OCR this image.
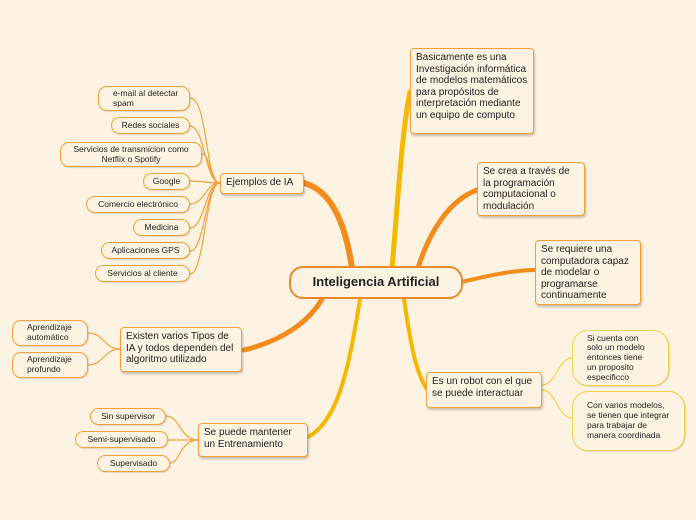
Inteligencia Artificial
Basicamente es una Investigación informática de modelos matemáticos para propósitos de interpretación mediante un equipo de computo
Se crea a través de la programación computacional o modulación
Se requiere una computadora capaz de modelar o programarse continuamente
Es un robot con el que se puede interactuar
Si cuenta con solo un modelo entonces tiene un proposito especificco
Con varios modelos, se tienen que integrar para trabajar de manera coordinada
Ejemplos de IA
e-mail al detectar spam
Redes sociales
Servicios de transmicion como Netflix o Spotify
Google
Comercio electrónico
Medicina
Aplicaciones GPS
Servicios al cliente
Existen varios Tipos de IA y todos dependen del algoritmo utilizado
Aprendizaje automático
Aprendizaje profundo
Se puede mantener un Entrenamiento
Sin supervisor
Semi-supervisado
Supervisado
